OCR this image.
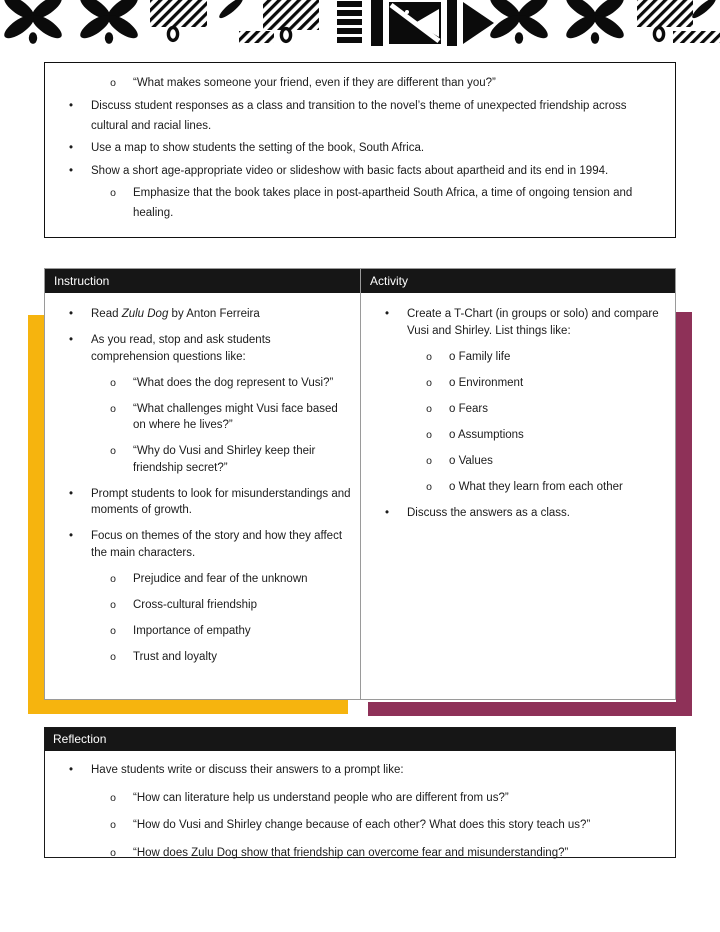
o	“What makes someone your friend, even if they are different than you?”
•	Discuss student responses as a class and transition to the novel’s theme of unexpected friendship across cultural and racial lines.
•	Use a map to show students the setting of the book, South Africa.
•	Show a short age-appropriate video or slideshow with basic facts about apartheid and its end in 1994.
o	Emphasize that the book takes place in post-apartheid South Africa, a time of ongoing tension and healing.
Instruction
•	Read Zulu Dog by Anton Ferreira
•	As you read, stop and ask students comprehension questions like:
o	“What does the dog represent to Vusi?”
o	“What challenges might Vusi face based on where he lives?”
o	“Why do Vusi and Shirley keep their friendship secret?”
•	Prompt students to look for misunderstandings and moments of growth.
•	Focus on themes of the story and how they affect the main characters.
o	Prejudice and fear of the unknown
o	Cross-cultural friendship
o	Importance of empathy
o	Trust and loyalty
Activity
•	Create a T-Chart (in groups or solo) and compare Vusi and Shirley. List things like:
o	o Family life
o	o Environment
o	o Fears
o	o Assumptions
o	o Values
o	o What they learn from each other
•	Discuss the answers as a class.
Reflection
•	Have students write or discuss their answers to a prompt like:
o	“How can literature help us understand people who are different from us?”
o	“How do Vusi and Shirley change because of each other? What does this story teach us?”
o	“How does Zulu Dog show that friendship can overcome fear and misunderstanding?”
